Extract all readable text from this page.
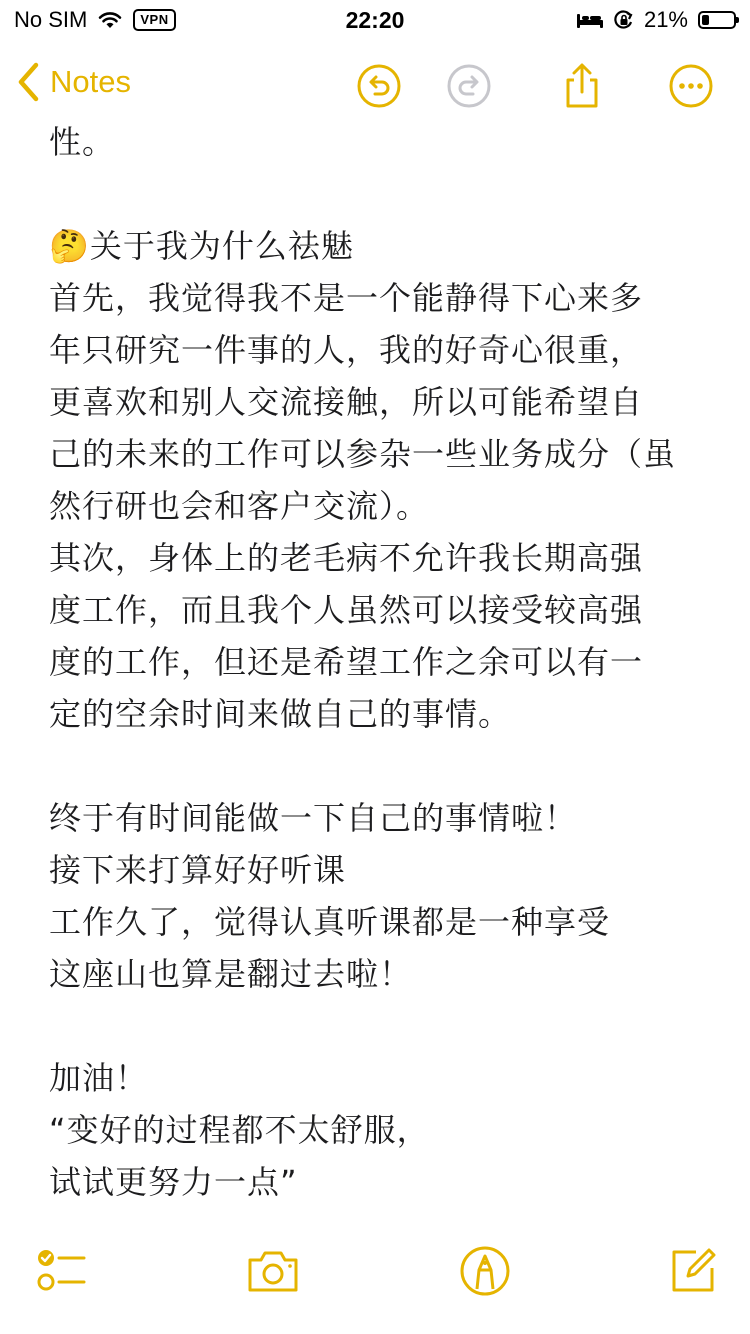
No SIM	VPN	22:20	21%
Notes
性。
🤔关于我为什么祛魅
首先，我觉得我不是一个能静得下心来多
年只研究一件事的人，我的好奇心很重，
更喜欢和别人交流接触，所以可能希望自
己的未来的工作可以参杂一些业务成分（虽
然行研也会和客户交流）。
其次，身体上的老毛病不允许我长期高强
度工作，而且我个人虽然可以接受较高强
度的工作，但还是希望工作之余可以有一
定的空余时间来做自己的事情。
终于有时间能做一下自己的事情啦！
接下来打算好好听课
工作久了，觉得认真听课都是一种享受
这座山也算是翻过去啦！
加油！
“变好的过程都不太舒服，
试试更努力一点”
